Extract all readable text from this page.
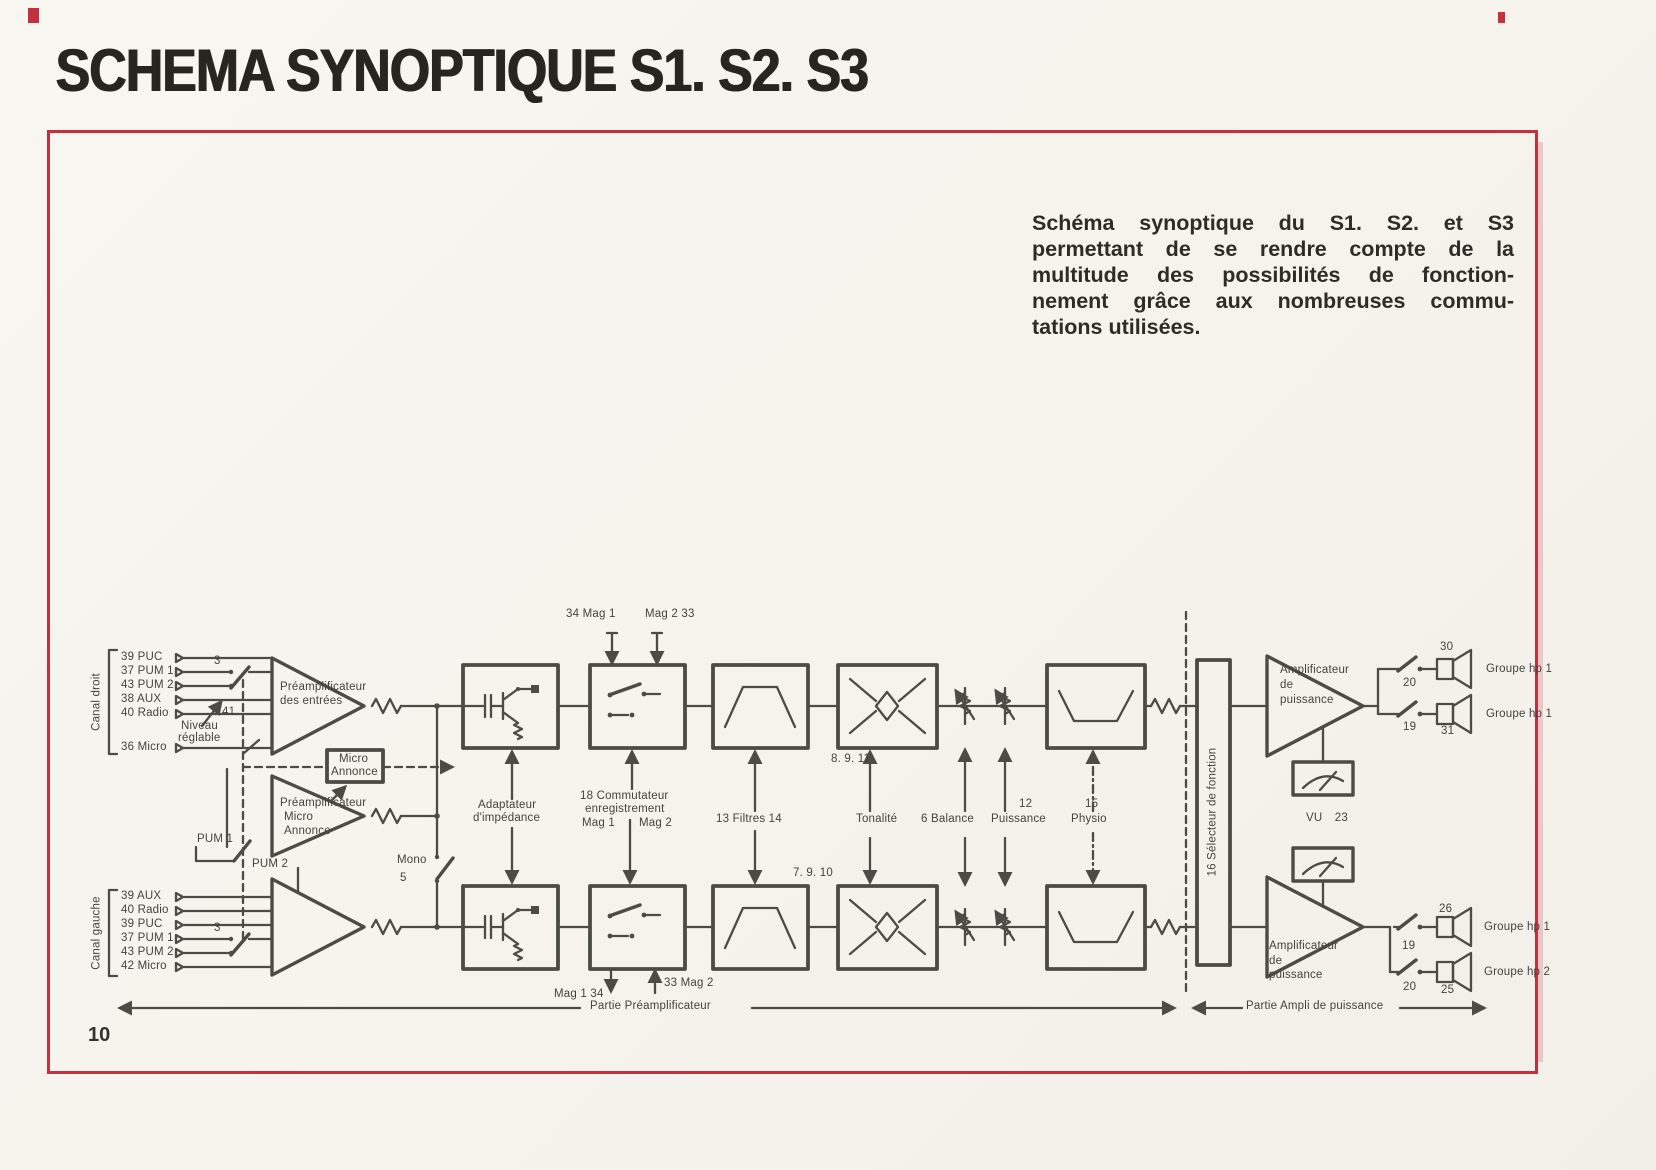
SCHEMA SYNOPTIQUE S1. S2. S3
Schéma synoptique du S1. S2. et S3
permettant de se rendre compte de la
multitude des possibilités de fonction-
nement grâce aux nombreuses commu-
tations utilisées.
Canal droit
39 PUC
37 PUM 1
43 PUM 2
38 AUX
40 Radio
36 Micro
3
41
Niveau
réglable
Préamplificateur
des entrées
Micro
Annonce
Préamplificateur
Micro
Annonce
PUM 1
PUM 2	Mono
5
34 Mag 1	Mag 2 33
Mag 1 34
33 Mag 2
Adaptateur
d'impédance
18 Commutateur
enregistrement
Mag 1 Mag 2	13 Filtres 14
8. 9. 11
Tonalité
7. 9. 10
6 Balance
12
Puissance
15
Physio	16 Sélecteur de fonction
Amplificateur
de
puissance
VU 23
30
20
Groupe hp 1
19 31
Groupe hp 1
Amplificateur
de
puissance
26
19
Groupe hp 1
20 25
Groupe hp 2
Canal gauche
39 AUX
40 Radio
39 PUC
37 PUM 1
43 PUM 2
42 Micro
3
Partie Préamplificateur	Partie Ampli de puissance
10
